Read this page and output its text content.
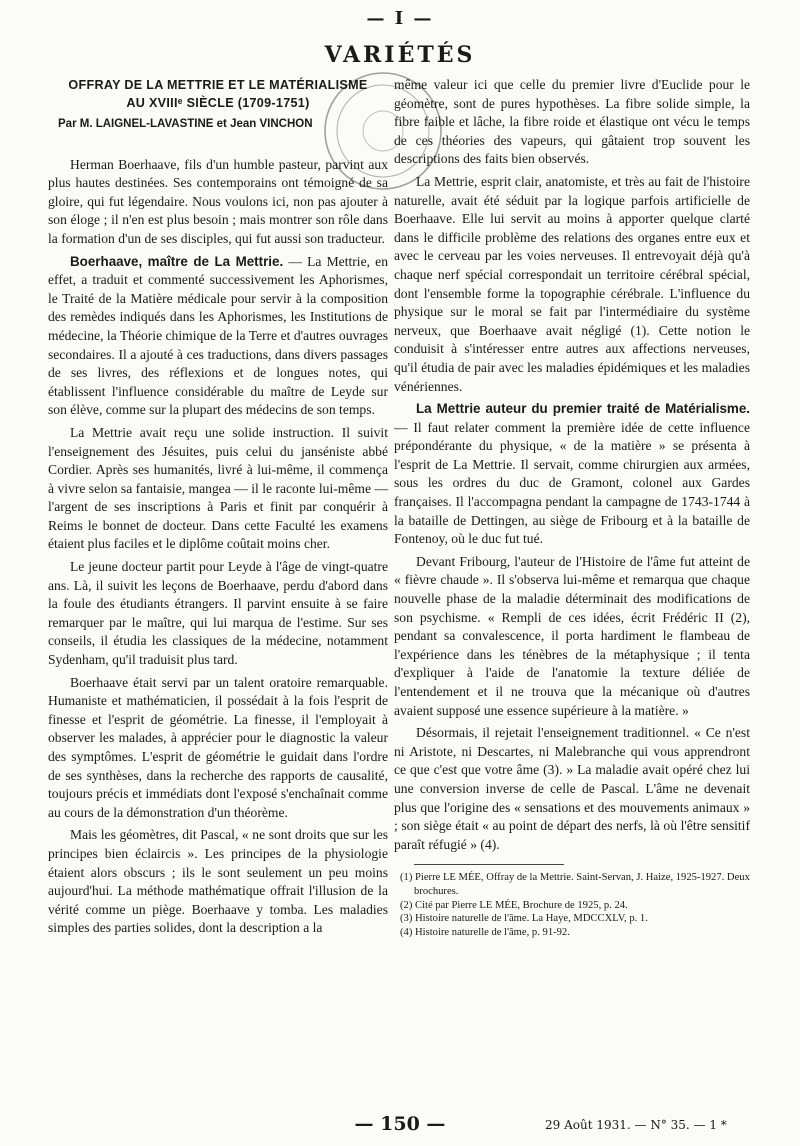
— I —
VARIÉTÉS
OFFRAY DE LA METTRIE ET LE MATÉRIALISME
AU XVIIIᵉ SIÈCLE (1709-1751)
Par M. LAIGNEL-LAVASTINE et Jean VINCHON

Herman Boerhaave, fils d'un humble pasteur, parvint aux plus hautes destinées. Ses contemporains ont témoigné de sa gloire, qui fut légendaire. Nous voulons ici, non pas ajouter à son éloge ; il n'en est plus besoin ; mais montrer son rôle dans la formation d'un de ses disciples, qui fut aussi son traducteur.

Boerhaave, maître de La Mettrie. — La Mettrie, en effet, a traduit et commenté successivement les Aphorismes, le Traité de la Matière médicale pour servir à la composition des remèdes indiqués dans les Aphorismes, les Institutions de médecine, la Théorie chimique de la Terre et d'autres ouvrages secondaires. Il a ajouté à ces traductions, dans divers passages de ses livres, des réflexions et de longues notes, qui établissent l'influence considérable du maître de Leyde sur son élève, comme sur la plupart des médecins de son temps.

La Mettrie avait reçu une solide instruction. Il suivit l'enseignement des Jésuites, puis celui du janséniste abbé Cordier. Après ses humanités, livré à lui-même, il commença à vivre selon sa fantaisie, mangea — il le raconte lui-même — l'argent de ses inscriptions à Paris et finit par conquérir à Reims le bonnet de docteur. Dans cette Faculté les examens étaient plus faciles et le diplôme coûtait moins cher.

Le jeune docteur partit pour Leyde à l'âge de vingt-quatre ans. Là, il suivit les leçons de Boerhaave, perdu d'abord dans la foule des étudiants étrangers. Il parvint ensuite à se faire remarquer par le maître, qui lui marqua de l'estime. Sur ses conseils, il étudia les classiques de la médecine, notamment Sydenham, qu'il traduisit plus tard.

Boerhaave était servi par un talent oratoire remarquable. Humaniste et mathématicien, il possédait à la fois l'esprit de finesse et l'esprit de géométrie. La finesse, il l'employait à observer les malades, à apprécier pour le diagnostic la valeur des symptômes. L'esprit de géométrie le guidait dans l'ordre de ses synthèses, dans la recherche des rapports de causalité, toujours précis et immédiats dont l'exposé s'enchaînait comme au cours de la démonstration d'un théorème.

Mais les géomètres, dit Pascal, « ne sont droits que sur les principes bien éclaircis ». Les principes de la physiologie étaient alors obscurs ; ils le sont seulement un peu moins aujourd'hui. La méthode mathématique offrait l'illusion de la vérité comme un piège. Boerhaave y tomba. Les maladies simples des parties solides, dont la description a la

même valeur ici que celle du premier livre d'Euclide pour le géomètre, sont de pures hypothèses. La fibre solide simple, la fibre faible et lâche, la fibre roide et élastique ont vécu le temps de ces théories des vapeurs, qui gâtaient trop souvent les descriptions des faits bien observés.

La Mettrie, esprit clair, anatomiste, et très au fait de l'histoire naturelle, avait été séduit par la logique parfois artificielle de Boerhaave. Elle lui servit au moins à apporter quelque clarté dans le difficile problème des relations des organes entre eux et avec le cerveau par les voies nerveuses. Il entrevoyait déjà qu'à chaque nerf spécial correspondait un territoire cérébral spécial, dont l'ensemble forme la topographie cérébrale. L'influence du physique sur le moral se fait par l'intermédiaire du système nerveux, que Boerhaave avait négligé (1). Cette notion le conduisit à s'intéresser entre autres aux affections nerveuses, qu'il étudia de pair avec les maladies épidémiques et les maladies vénériennes.

La Mettrie auteur du premier traité de Matérialisme. — Il faut relater comment la première idée de cette influence prépondérante du physique, « de la matière » se présenta à l'esprit de La Mettrie. Il servait, comme chirurgien aux armées, sous les ordres du duc de Gramont, colonel aux Gardes françaises. Il l'accompagna pendant la campagne de 1743-1744 à la bataille de Dettingen, au siège de Fribourg et à la bataille de Fontenoy, où le duc fut tué.

Devant Fribourg, l'auteur de l'Histoire de l'âme fut atteint de « fièvre chaude ». Il s'observa lui-même et remarqua que chaque nouvelle phase de la maladie déterminait des modifications de son psychisme. « Rempli de ces idées, écrit Frédéric II (2), pendant sa convalescence, il porta hardiment le flambeau de l'expérience dans les ténèbres de la métaphysique ; il tenta d'expliquer à l'aide de l'anatomie la texture déliée de l'entendement et il ne trouva que la mécanique où d'autres avaient supposé une essence supérieure à la matière. »

Désormais, il rejetait l'enseignement traditionnel. « Ce n'est ni Aristote, ni Descartes, ni Malebranche qui vous apprendront ce que c'est que votre âme (3). » La maladie avait opéré chez lui une conversion inverse de celle de Pascal. L'âme ne devenait plus que l'origine des « sensations et des mouvements animaux » ; son siège était « au point de départ des nerfs, là où l'être sensitif paraît réfugié » (4).

(1) Pierre LE MÉE, Offray de la Mettrie. Saint-Servan, J. Haize, 1925-1927. Deux brochures.
(2) Cité par Pierre LE MÉE, Brochure de 1925, p. 24.
(3) Histoire naturelle de l'âme. La Haye, MDCCXLV, p. 1.
(4) Histoire naturelle de l'âme, p. 91-92.
— 150 —	29 Août 1931. — N° 35. — 1 *
